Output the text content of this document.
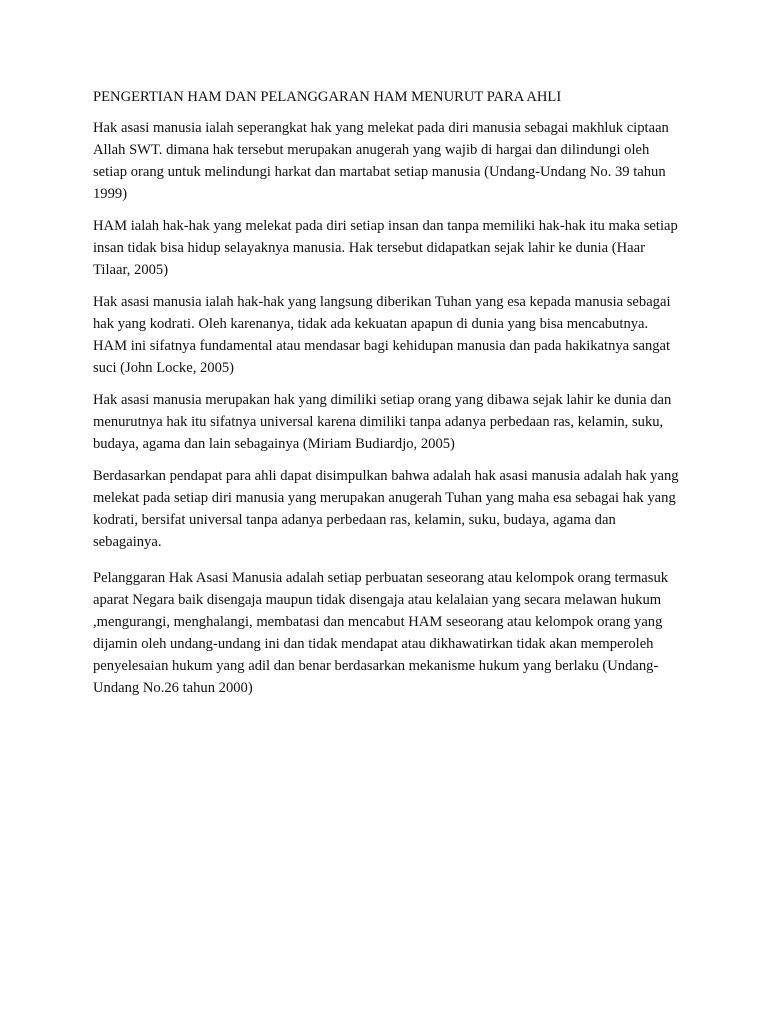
PENGERTIAN HAM DAN PELANGGARAN HAM MENURUT PARA AHLI

Hak asasi manusia ialah seperangkat hak yang melekat pada diri manusia sebagai makhluk ciptaan Allah SWT. dimana hak tersebut merupakan anugerah yang wajib di hargai dan dilindungi oleh setiap orang untuk melindungi harkat dan martabat setiap manusia (Undang-Undang No. 39 tahun 1999)

HAM ialah hak-hak yang melekat pada diri setiap insan dan tanpa memiliki hak-hak itu maka setiap insan tidak bisa hidup selayaknya manusia. Hak tersebut didapatkan sejak lahir ke dunia (Haar Tilaar, 2005)

Hak asasi manusia ialah hak-hak yang langsung diberikan Tuhan yang esa kepada manusia sebagai hak yang kodrati. Oleh karenanya, tidak ada kekuatan apapun di dunia yang bisa mencabutnya. HAM ini sifatnya fundamental atau mendasar bagi kehidupan manusia dan pada hakikatnya sangat suci (John Locke, 2005)

Hak asasi manusia merupakan hak yang dimiliki setiap orang yang dibawa sejak lahir ke dunia dan menurutnya hak itu sifatnya universal karena dimiliki tanpa adanya perbedaan ras, kelamin, suku, budaya, agama dan lain sebagainya (Miriam Budiardjo, 2005)

Berdasarkan pendapat para ahli dapat disimpulkan bahwa adalah hak asasi manusia adalah hak yang melekat pada setiap diri manusia yang merupakan anugerah Tuhan yang maha esa sebagai hak yang kodrati, bersifat universal tanpa adanya perbedaan ras, kelamin, suku, budaya, agama dan sebagainya.

Pelanggaran Hak Asasi Manusia adalah setiap perbuatan seseorang atau kelompok orang termasuk aparat Negara baik disengaja maupun tidak disengaja atau kelalaian yang secara melawan hukum ,mengurangi, menghalangi, membatasi dan mencabut HAM seseorang atau kelompok orang yang dijamin oleh undang-undang ini dan tidak mendapat atau dikhawatirkan tidak akan memperoleh penyelesaian hukum yang adil dan benar berdasarkan mekanisme hukum yang berlaku (Undang-Undang No.26 tahun 2000)
